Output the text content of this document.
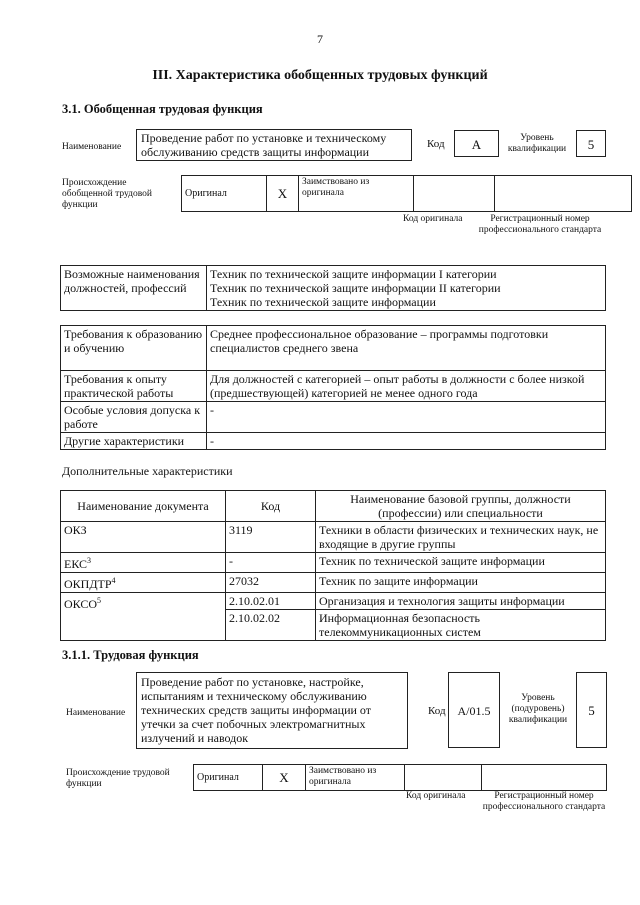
7
III. Характеристика обобщенных трудовых функций
3.1. Обобщенная трудовая функция
Наименование
Проведение работ по установке и техническому обслуживанию средств защиты информации
Код	A	Уровень квалификации	5
Происхождение обобщенной трудовой функции
Оригинал	X	Заимствовано из оригинала		
Код оригинала	Регистрационный номер профессионального стандарта
Возможные наименования должностей, профессий	
Техник по технической защите информации I категории
Техник по технической защите информации II категории
Техник по технической защите информации
Требования к образованию и обучению	Среднее профессиональное образование – программы подготовки специалистов среднего звена
Требования к опыту практической работы	Для должностей с категорией – опыт работы в должности с более низкой (предшествующей) категорией не менее одного года
Особые условия допуска к работе	-
Другие характеристики	-
Дополнительные характеристики
Наименование документа	Код	Наименование базовой группы, должности (профессии) или специальности
ОКЗ	3119	Техники в области физических и технических наук, не входящие в другие группы
ЕКС$^3$	-	Техник по технической защите информации
ОКПДТР$^4$	27032	Техник по защите информации
ОКСО$^5$	2.10.02.01	Организация и технология защиты информации
	2.10.02.02	Информационная безопасность телекоммуникационных систем
3.1.1. Трудовая функция
Наименование
Проведение работ по установке, настройке, испытаниям и техническому обслуживанию технических средств защиты информации от утечки за счет побочных электромагнитных излучений и наводок
Код A/01.5
Уровень (подуровень) квалификации
5
Происхождение трудовой функции
Оригинал	X	Заимствовано из оригинала		
Код оригинала	Регистрационный номер профессионального стандарта
